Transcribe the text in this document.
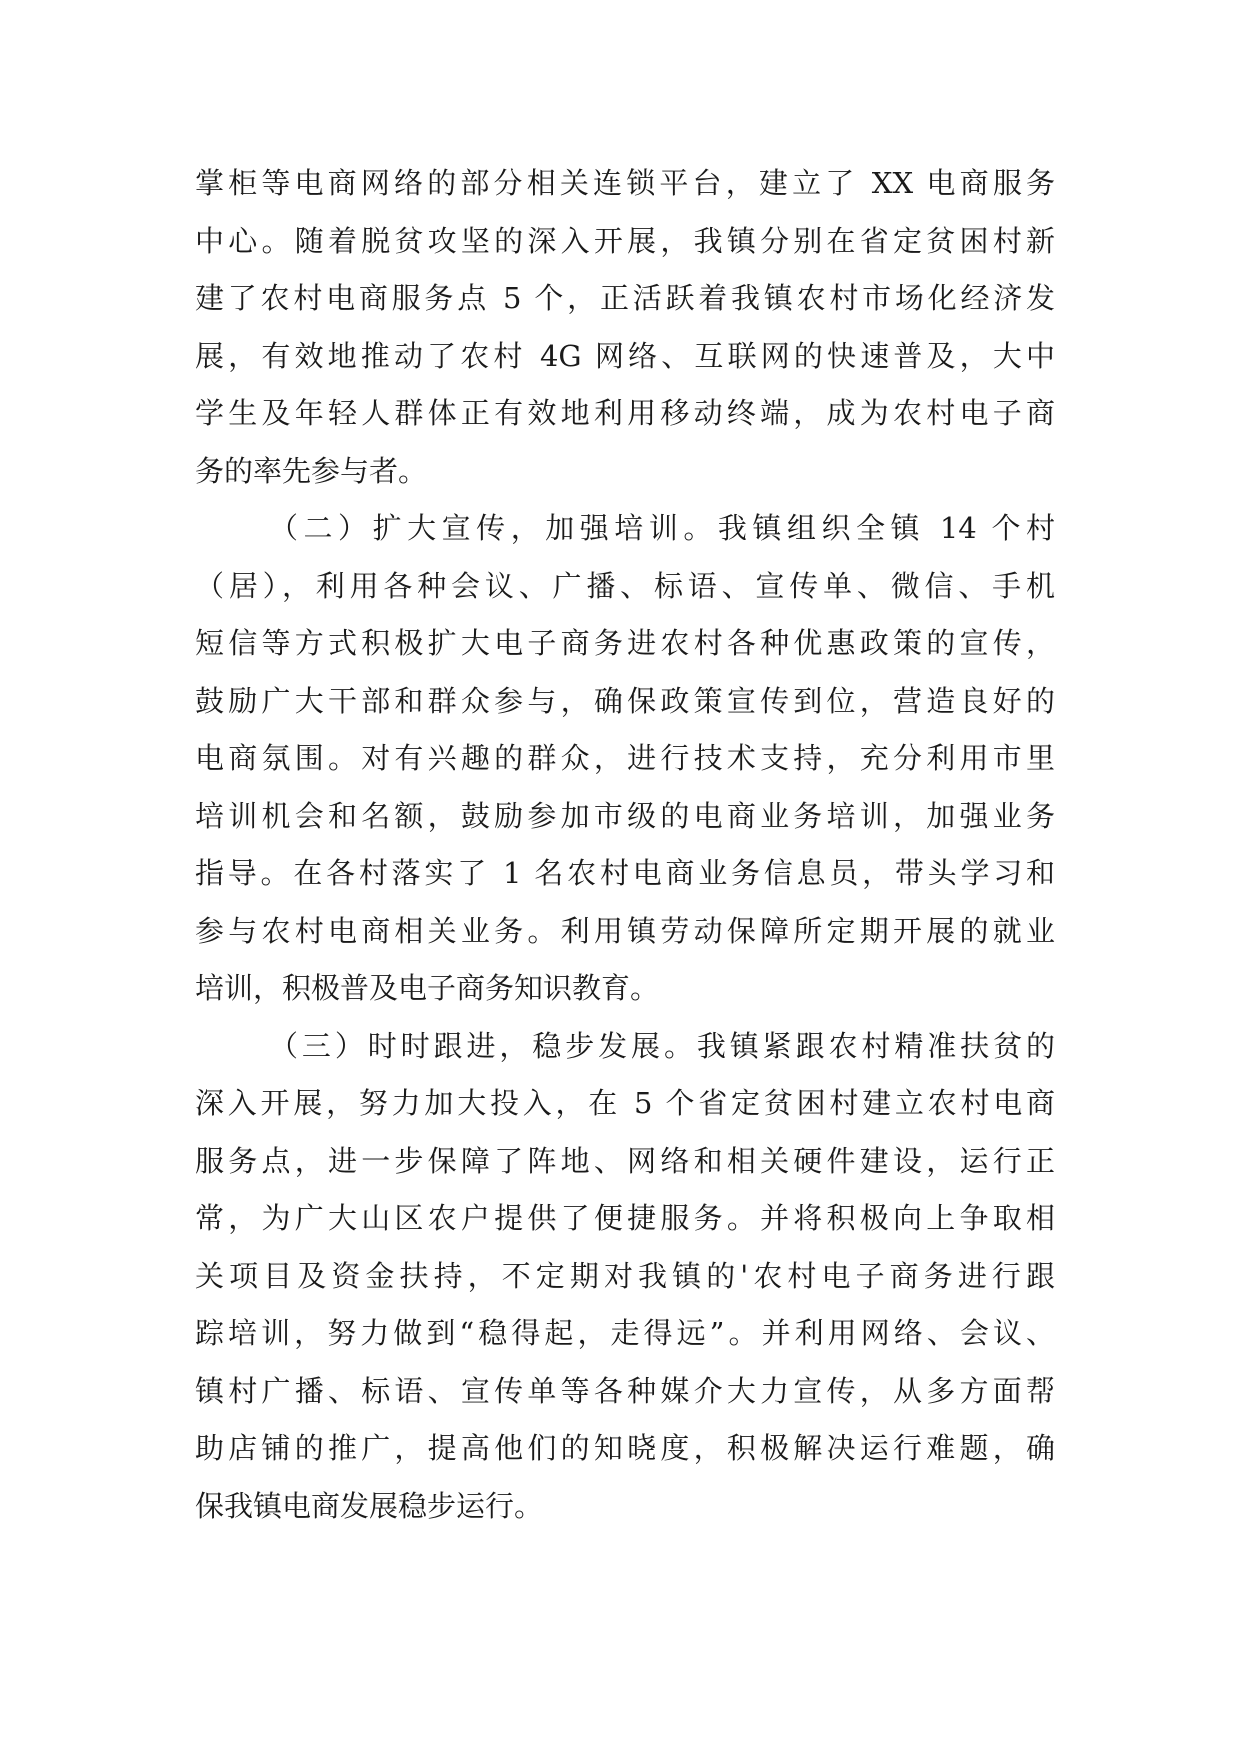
掌柜等电商网络的部分相关连锁平台，建立了 XX 电商服务
中心。随着脱贫攻坚的深入开展，我镇分别在省定贫困村新
建了农村电商服务点 5 个，正活跃着我镇农村市场化经济发
展，有效地推动了农村 4G 网络、互联网的快速普及，大中
学生及年轻人群体正有效地利用移动终端，成为农村电子商
务的率先参与者。
（二）扩大宣传，加强培训。我镇组织全镇 14 个村
（居），利用各种会议、广播、标语、宣传单、微信、手机
短信等方式积极扩大电子商务进农村各种优惠政策的宣传，
鼓励广大干部和群众参与，确保政策宣传到位，营造良好的
电商氛围。对有兴趣的群众，进行技术支持，充分利用市里
培训机会和名额，鼓励参加市级的电商业务培训，加强业务
指导。在各村落实了 1 名农村电商业务信息员，带头学习和
参与农村电商相关业务。利用镇劳动保障所定期开展的就业
培训，积极普及电子商务知识教育。
（三）时时跟进，稳步发展。我镇紧跟农村精准扶贫的
深入开展，努力加大投入，在 5 个省定贫困村建立农村电商
服务点，进一步保障了阵地、网络和相关硬件建设，运行正
常，为广大山区农户提供了便捷服务。并将积极向上争取相
关项目及资金扶持，不定期对我镇的'农村电子商务进行跟
踪培训，努力做到“稳得起，走得远”。并利用网络、会议、
镇村广播、标语、宣传单等各种媒介大力宣传，从多方面帮
助店铺的推广，提高他们的知晓度，积极解决运行难题，确
保我镇电商发展稳步运行。
